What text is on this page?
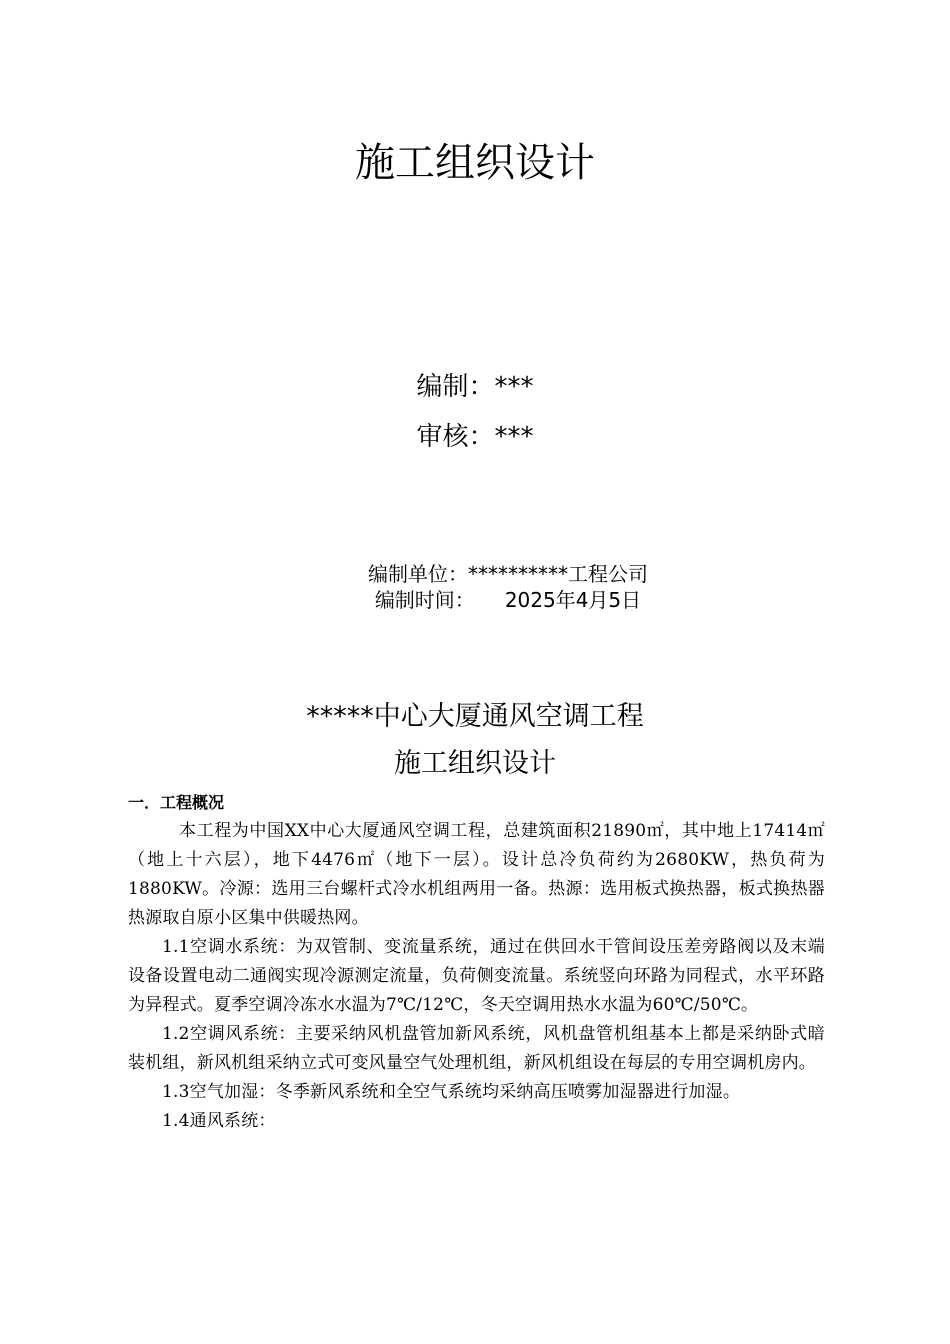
施工组织设计
编制：***
审核：***
编制单位：**********工程公司
编制时间： 2025年4月5日
*****中心大厦通风空调工程
施工组织设计
一．工程概况

本工程为中国XX中心大厦通风空调工程，总建筑面积21890㎡，其中地上17414㎡（地上十六层），地下4476㎡（地下一层）。设计总冷负荷约为2680KW，热负荷为1880KW。冷源：选用三台螺杆式冷水机组两用一备。热源：选用板式换热器，板式换热器热源取自原小区集中供暖热网。

1.1空调水系统：为双管制、变流量系统，通过在供回水干管间设压差旁路阀以及末端设备设置电动二通阀实现冷源测定流量，负荷侧变流量。系统竖向环路为同程式，水平环路为异程式。夏季空调冷冻水水温为7℃/12℃，冬天空调用热水水温为60℃/50℃。

1.2空调风系统：主要采纳风机盘管加新风系统，风机盘管机组基本上都是采纳卧式暗装机组，新风机组采纳立式可变风量空气处理机组，新风机组设在每层的专用空调机房内。

1.3空气加湿：冬季新风系统和全空气系统均采纳高压喷雾加湿器进行加湿。

1.4通风系统：
